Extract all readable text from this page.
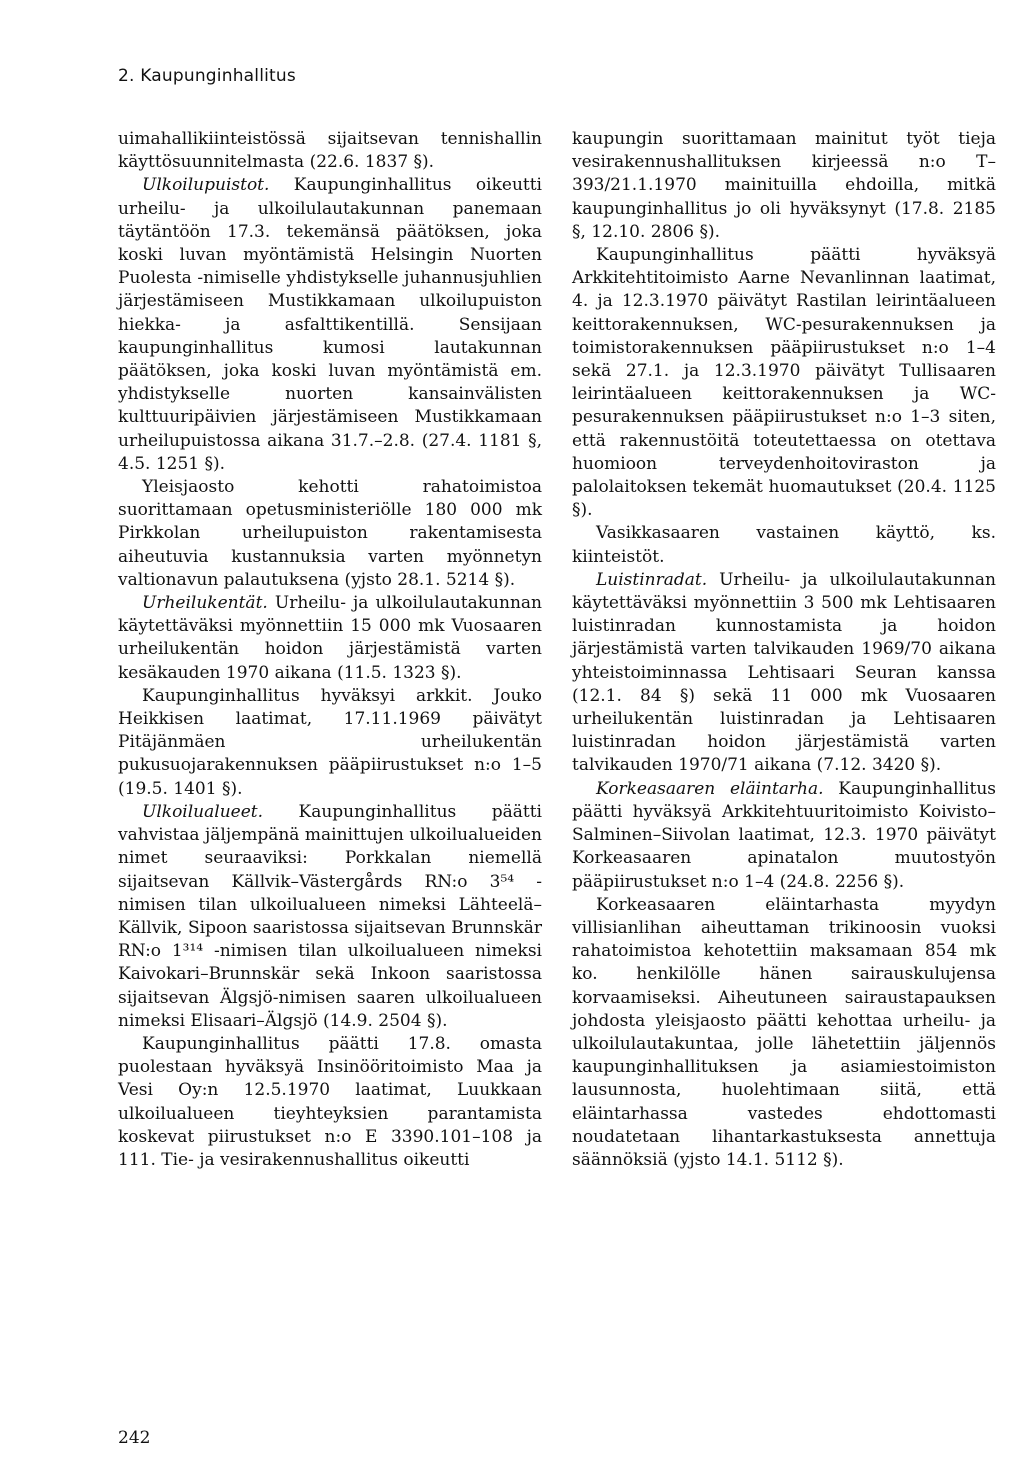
2. Kaupunginhallitus

uimahallikiinteistössä sijaitsevan tennishallin käyttösuunnitelmasta (22.6. 1837 §).

Ulkoilupuistot. Kaupunginhallitus oikeutti urheilu- ja ulkoilulautakunnan panemaan täytäntöön 17.3. tekemänsä päätöksen, joka koski luvan myöntämistä Helsingin Nuorten Puolesta -nimiselle yhdistykselle juhannusjuhlien järjestämiseen Mustikkamaan ulkoilupuiston hiekka- ja asfalttikentillä. Sensijaan kaupunginhallitus kumosi lautakunnan päätöksen, joka koski luvan myöntämistä em. yhdistykselle nuorten kansainvälisten kulttuuripäivien järjestämiseen Mustikkamaan urheilupuistossa aikana 31.7.–2.8. (27.4. 1181 §, 4.5. 1251 §).

Yleisjaosto kehotti rahatoimistoa suorittamaan opetusministeriölle 180 000 mk Pirkkolan urheilupuiston rakentamisesta aiheutuvia kustannuksia varten myönnetyn valtionavun palautuksena (yjsto 28.1. 5214 §).

Urheilukentät. Urheilu- ja ulkoilulautakunnan käytettäväksi myönnettiin 15 000 mk Vuosaaren urheilukentän hoidon järjestämistä varten kesäkauden 1970 aikana (11.5. 1323 §).

Kaupunginhallitus hyväksyi arkkit. Jouko Heikkisen laatimat, 17.11.1969 päivätyt Pitäjänmäen urheilukentän pukusuojarakennuksen pääpiirustukset n:o 1–5 (19.5. 1401 §).

Ulkoilualueet. Kaupunginhallitus päätti vahvistaa jäljempänä mainittujen ulkoilualueiden nimet seuraaviksi: Porkkalan niemellä sijaitsevan Källvik–Västergårds RN:o 3⁵⁴ -nimisen tilan ulkoilualueen nimeksi Lähteelä–Källvik, Sipoon saaristossa sijaitsevan Brunnskär RN:o 1³¹⁴ -nimisen tilan ulkoilualueen nimeksi Kaivokari–Brunnskär sekä Inkoon saaristossa sijaitsevan Älgsjö-nimisen saaren ulkoilualueen nimeksi Elisaari–Älgsjö (14.9. 2504 §).

Kaupunginhallitus päätti 17.8. omasta puolestaan hyväksyä Insinööritoimisto Maa ja Vesi Oy:n 12.5.1970 laatimat, Luukkaan ulkoilualueen tieyhteyksien parantamista koskevat piirustukset n:o E 3390.101–108 ja 111. Tie- ja vesirakennushallitus oikeutti

kaupungin suorittamaan mainitut työt tieja vesirakennushallituksen kirjeessä n:o T–393/21.1.1970 mainituilla ehdoilla, mitkä kaupunginhallitus jo oli hyväksynyt (17.8. 2185 §, 12.10. 2806 §).

Kaupunginhallitus päätti hyväksyä Arkkitehtitoimisto Aarne Nevanlinnan laatimat, 4. ja 12.3.1970 päivätyt Rastilan leirintäalueen keittorakennuksen, WC-pesurakennuksen ja toimistorakennuksen pääpiirustukset n:o 1–4 sekä 27.1. ja 12.3.1970 päivätyt Tullisaaren leirintäalueen keittorakennuksen ja WC-pesurakennuksen pääpiirustukset n:o 1–3 siten, että rakennustöitä toteutettaessa on otettava huomioon terveydenhoitoviraston ja palolaitoksen tekemät huomautukset (20.4. 1125 §).

Vasikkasaaren vastainen käyttö, ks. kiinteistöt.

Luistinradat. Urheilu- ja ulkoilulautakunnan käytettäväksi myönnettiin 3 500 mk Lehtisaaren luistinradan kunnostamista ja hoidon järjestämistä varten talvikauden 1969/70 aikana yhteistoiminnassa Lehtisaari Seuran kanssa (12.1. 84 §) sekä 11 000 mk Vuosaaren urheilukentän luistinradan ja Lehtisaaren luistinradan hoidon järjestämistä varten talvikauden 1970/71 aikana (7.12. 3420 §).

Korkeasaaren eläintarha. Kaupunginhallitus päätti hyväksyä Arkkitehtuuritoimisto Koivisto–Salminen–Siivolan laatimat, 12.3. 1970 päivätyt Korkeasaaren apinatalon muutostyön pääpiirustukset n:o 1–4 (24.8. 2256 §).

Korkeasaaren eläintarhasta myydyn villisianlihan aiheuttaman trikinoosin vuoksi rahatoimistoa kehotettiin maksamaan 854 mk ko. henkilölle hänen sairauskulujensa korvaamiseksi. Aiheutuneen sairaustapauksen johdosta yleisjaosto päätti kehottaa urheilu- ja ulkoilulautakuntaa, jolle lähetettiin jäljennös kaupunginhallituksen ja asiamiestoimiston lausunnosta, huolehtimaan siitä, että eläintarhassa vastedes ehdottomasti noudatetaan lihantarkastuksesta annettuja säännöksiä (yjsto 14.1. 5112 §).

242
